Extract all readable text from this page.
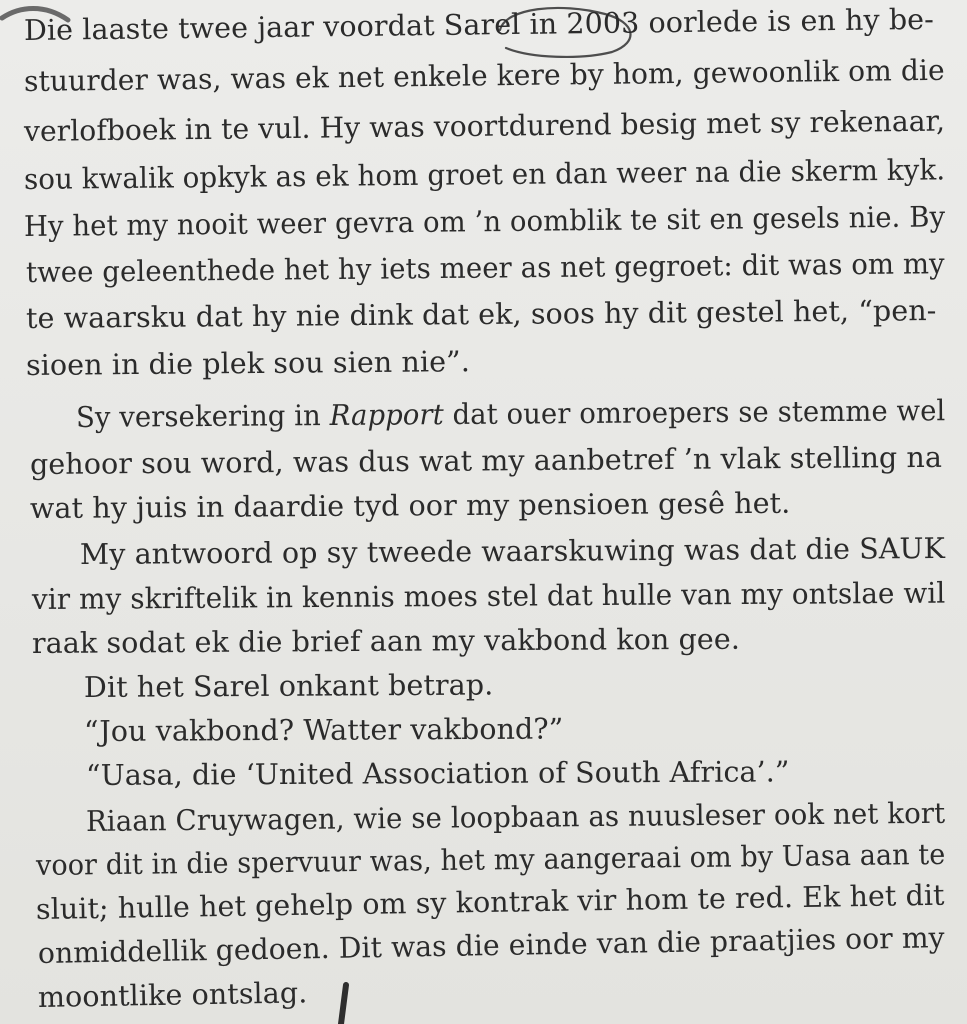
Die laaste twee jaar voordat Sarel in 2003 oorlede is en hy be-
stuurder was, was ek net enkele kere by hom, gewoonlik om die
verlofboek in te vul. Hy was voortdurend besig met sy rekenaar,
sou kwalik opkyk as ek hom groet en dan weer na die skerm kyk.
Hy het my nooit weer gevra om ’n oomblik te sit en gesels nie. By
twee geleenthede het hy iets meer as net gegroet: dit was om my
te waarsku dat hy nie dink dat ek, soos hy dit gestel het, “pen-
sioen in die plek sou sien nie”.
Sy versekering in Rapport dat ouer omroepers se stemme wel
gehoor sou word, was dus wat my aanbetref ’n vlak stelling na
wat hy juis in daardie tyd oor my pensioen gesê het.
My antwoord op sy tweede waarskuwing was dat die SAUK
vir my skriftelik in kennis moes stel dat hulle van my ontslae wil
raak sodat ek die brief aan my vakbond kon gee.
Dit het Sarel onkant betrap.
“Jou vakbond? Watter vakbond?”
“Uasa, die ‘United Association of South Africa’.”
Riaan Cruywagen, wie se loopbaan as nuusleser ook net kort
voor dit in die spervuur was, het my aangeraai om by Uasa aan te
sluit; hulle het gehelp om sy kontrak vir hom te red. Ek het dit
onmiddellik gedoen. Dit was die einde van die praatjies oor my
moontlike ontslag.
